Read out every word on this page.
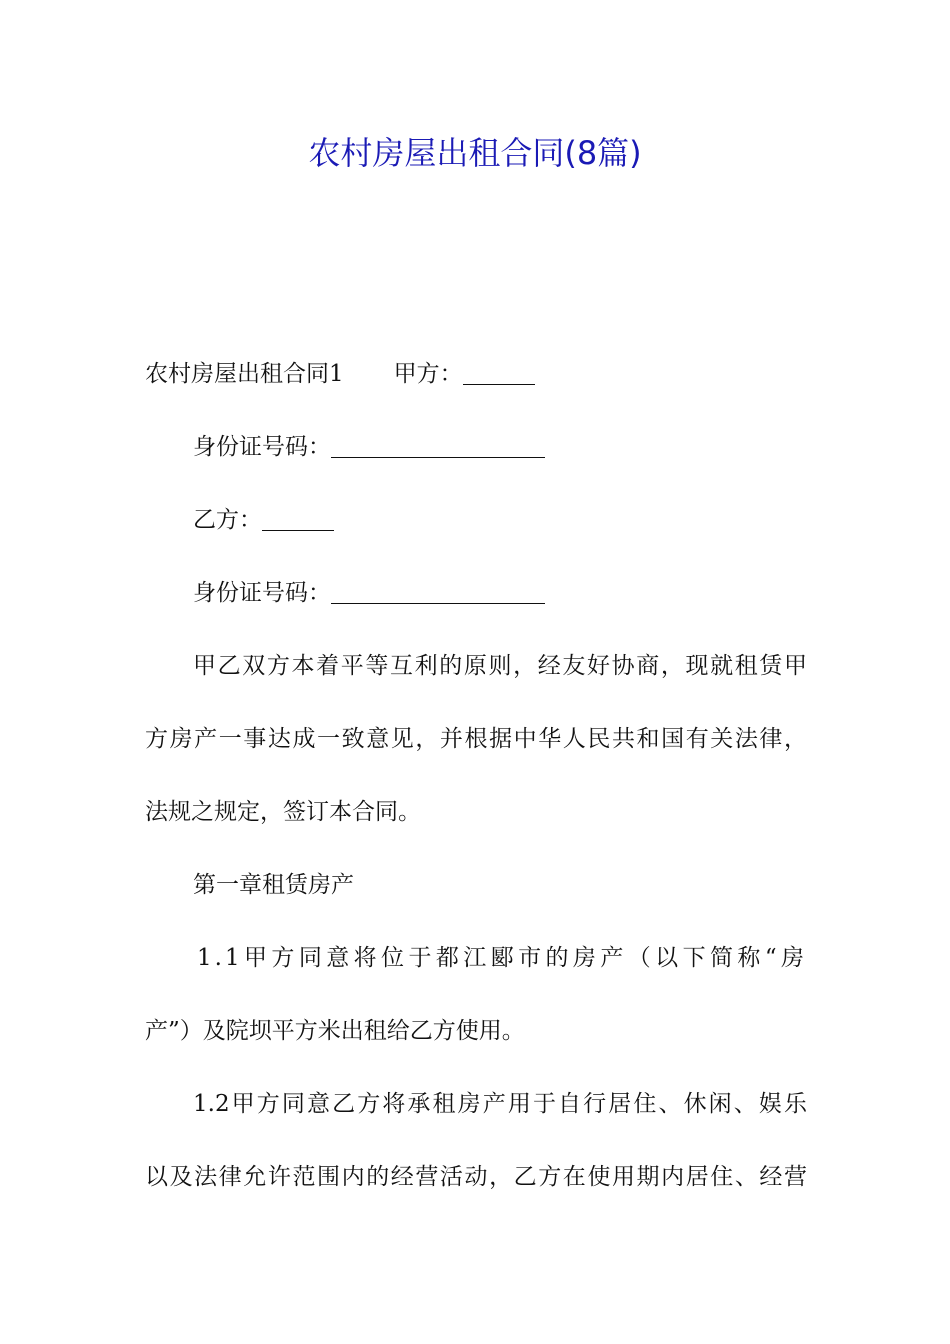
农村房屋出租合同(8篇)
农村房屋出租合同1 甲方：
身份证号码：
乙方：
身份证号码：
甲乙双方本着平等互利的原则，经友好协商，现就租赁甲
方房产一事达成一致意见，并根据中华人民共和国有关法律，
法规之规定，签订本合同。
第一章租赁房产
1.1甲方同意将位于都江郾市的房产（以下简称“房
产”）及院坝平方米出租给乙方使用。
1.2甲方同意乙方将承租房产用于自行居住、休闲、娱乐
以及法律允许范围内的经营活动，乙方在使用期内居住、经营
